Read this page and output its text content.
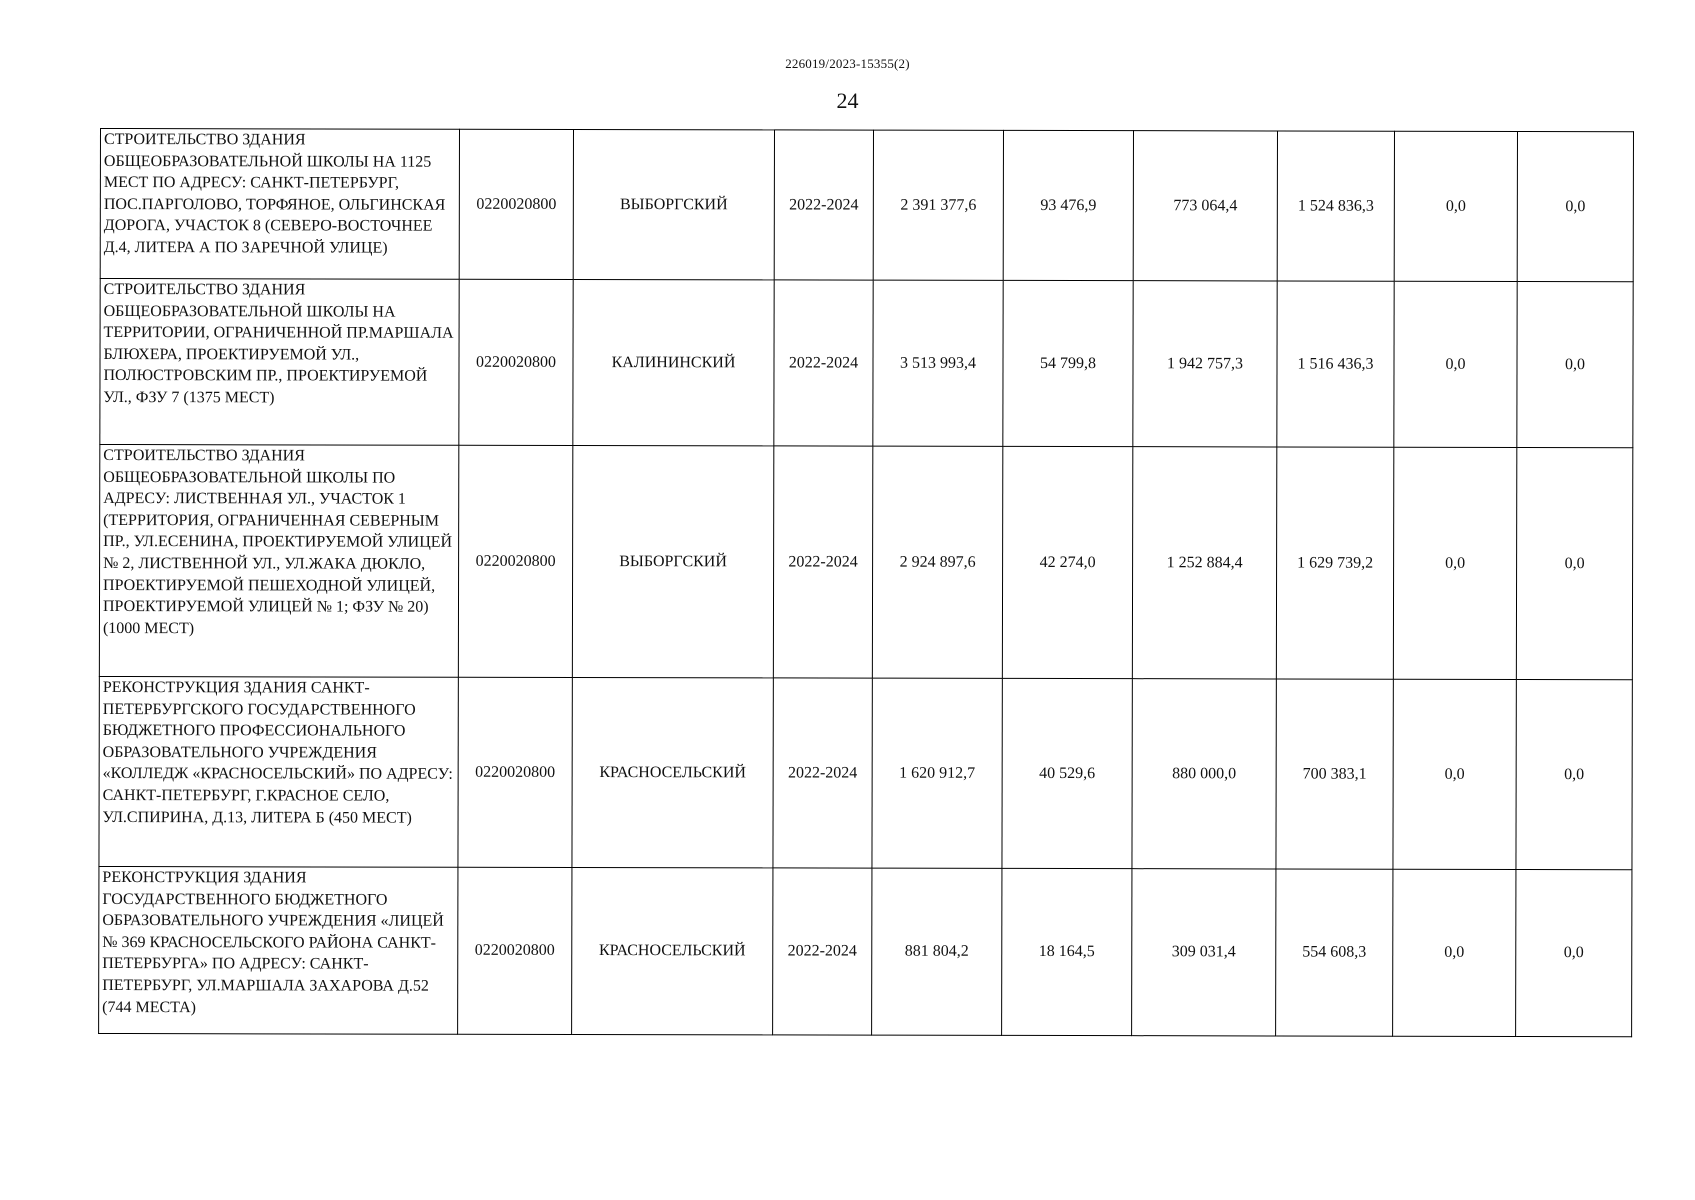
226019/2023-15355(2)
24
СТРОИТЕЛЬСТВО ЗДАНИЯ ОБЩЕОБРАЗОВАТЕЛЬНОЙ ШКОЛЫ НА 1125 МЕСТ ПО АДРЕСУ: САНКТ-ПЕТЕРБУРГ, ПОС.ПАРГОЛОВО, ТОРФЯНОЕ, ОЛЬГИНСКАЯ ДОРОГА, УЧАСТОК 8 (СЕВЕРО-ВОСТОЧНЕЕ Д.4, ЛИТЕРА А ПО ЗАРЕЧНОЙ УЛИЦЕ)	0220020800	ВЫБОРГСКИЙ	2022-2024	2 391 377,6	93 476,9	773 064,4	1 524 836,3	0,0	0,0
СТРОИТЕЛЬСТВО ЗДАНИЯ ОБЩЕОБРАЗОВАТЕЛЬНОЙ ШКОЛЫ НА ТЕРРИТОРИИ, ОГРАНИЧЕННОЙ ПР.МАРШАЛА БЛЮХЕРА, ПРОЕКТИРУЕМОЙ УЛ., ПОЛЮСТРОВСКИМ ПР., ПРОЕКТИРУЕМОЙ УЛ., ФЗУ 7 (1375 МЕСТ)	0220020800	КАЛИНИНСКИЙ	2022-2024	3 513 993,4	54 799,8	1 942 757,3	1 516 436,3	0,0	0,0
СТРОИТЕЛЬСТВО ЗДАНИЯ ОБЩЕОБРАЗОВАТЕЛЬНОЙ ШКОЛЫ ПО АДРЕСУ: ЛИСТВЕННАЯ УЛ., УЧАСТОК 1 (ТЕРРИТОРИЯ, ОГРАНИЧЕННАЯ СЕВЕРНЫМ ПР., УЛ.ЕСЕНИНА, ПРОЕКТИРУЕМОЙ УЛИЦЕЙ № 2, ЛИСТВЕННОЙ УЛ., УЛ.ЖАКА ДЮКЛО, ПРОЕКТИРУЕМОЙ ПЕШЕХОДНОЙ УЛИЦЕЙ, ПРОЕКТИРУЕМОЙ УЛИЦЕЙ № 1; ФЗУ № 20) (1000 МЕСТ)	0220020800	ВЫБОРГСКИЙ	2022-2024	2 924 897,6	42 274,0	1 252 884,4	1 629 739,2	0,0	0,0
РЕКОНСТРУКЦИЯ ЗДАНИЯ САНКТ-ПЕТЕРБУРГСКОГО ГОСУДАРСТВЕННОГО БЮДЖЕТНОГО ПРОФЕССИОНАЛЬНОГО ОБРАЗОВАТЕЛЬНОГО УЧРЕЖДЕНИЯ «КОЛЛЕДЖ «КРАСНОСЕЛЬСКИЙ» ПО АДРЕСУ: САНКТ-ПЕТЕРБУРГ, Г.КРАСНОЕ СЕЛО, УЛ.СПИРИНА, Д.13, ЛИТЕРА Б (450 МЕСТ)	0220020800	КРАСНОСЕЛЬСКИЙ	2022-2024	1 620 912,7	40 529,6	880 000,0	700 383,1	0,0	0,0
РЕКОНСТРУКЦИЯ ЗДАНИЯ ГОСУДАРСТВЕННОГО БЮДЖЕТНОГО ОБРАЗОВАТЕЛЬНОГО УЧРЕЖДЕНИЯ «ЛИЦЕЙ № 369 КРАСНОСЕЛЬСКОГО РАЙОНА САНКТ-ПЕТЕРБУРГА» ПО АДРЕСУ: САНКТ-ПЕТЕРБУРГ, УЛ.МАРШАЛА ЗАХАРОВА Д.52 (744 МЕСТА)	0220020800	КРАСНОСЕЛЬСКИЙ	2022-2024	881 804,2	18 164,5	309 031,4	554 608,3	0,0	0,0
